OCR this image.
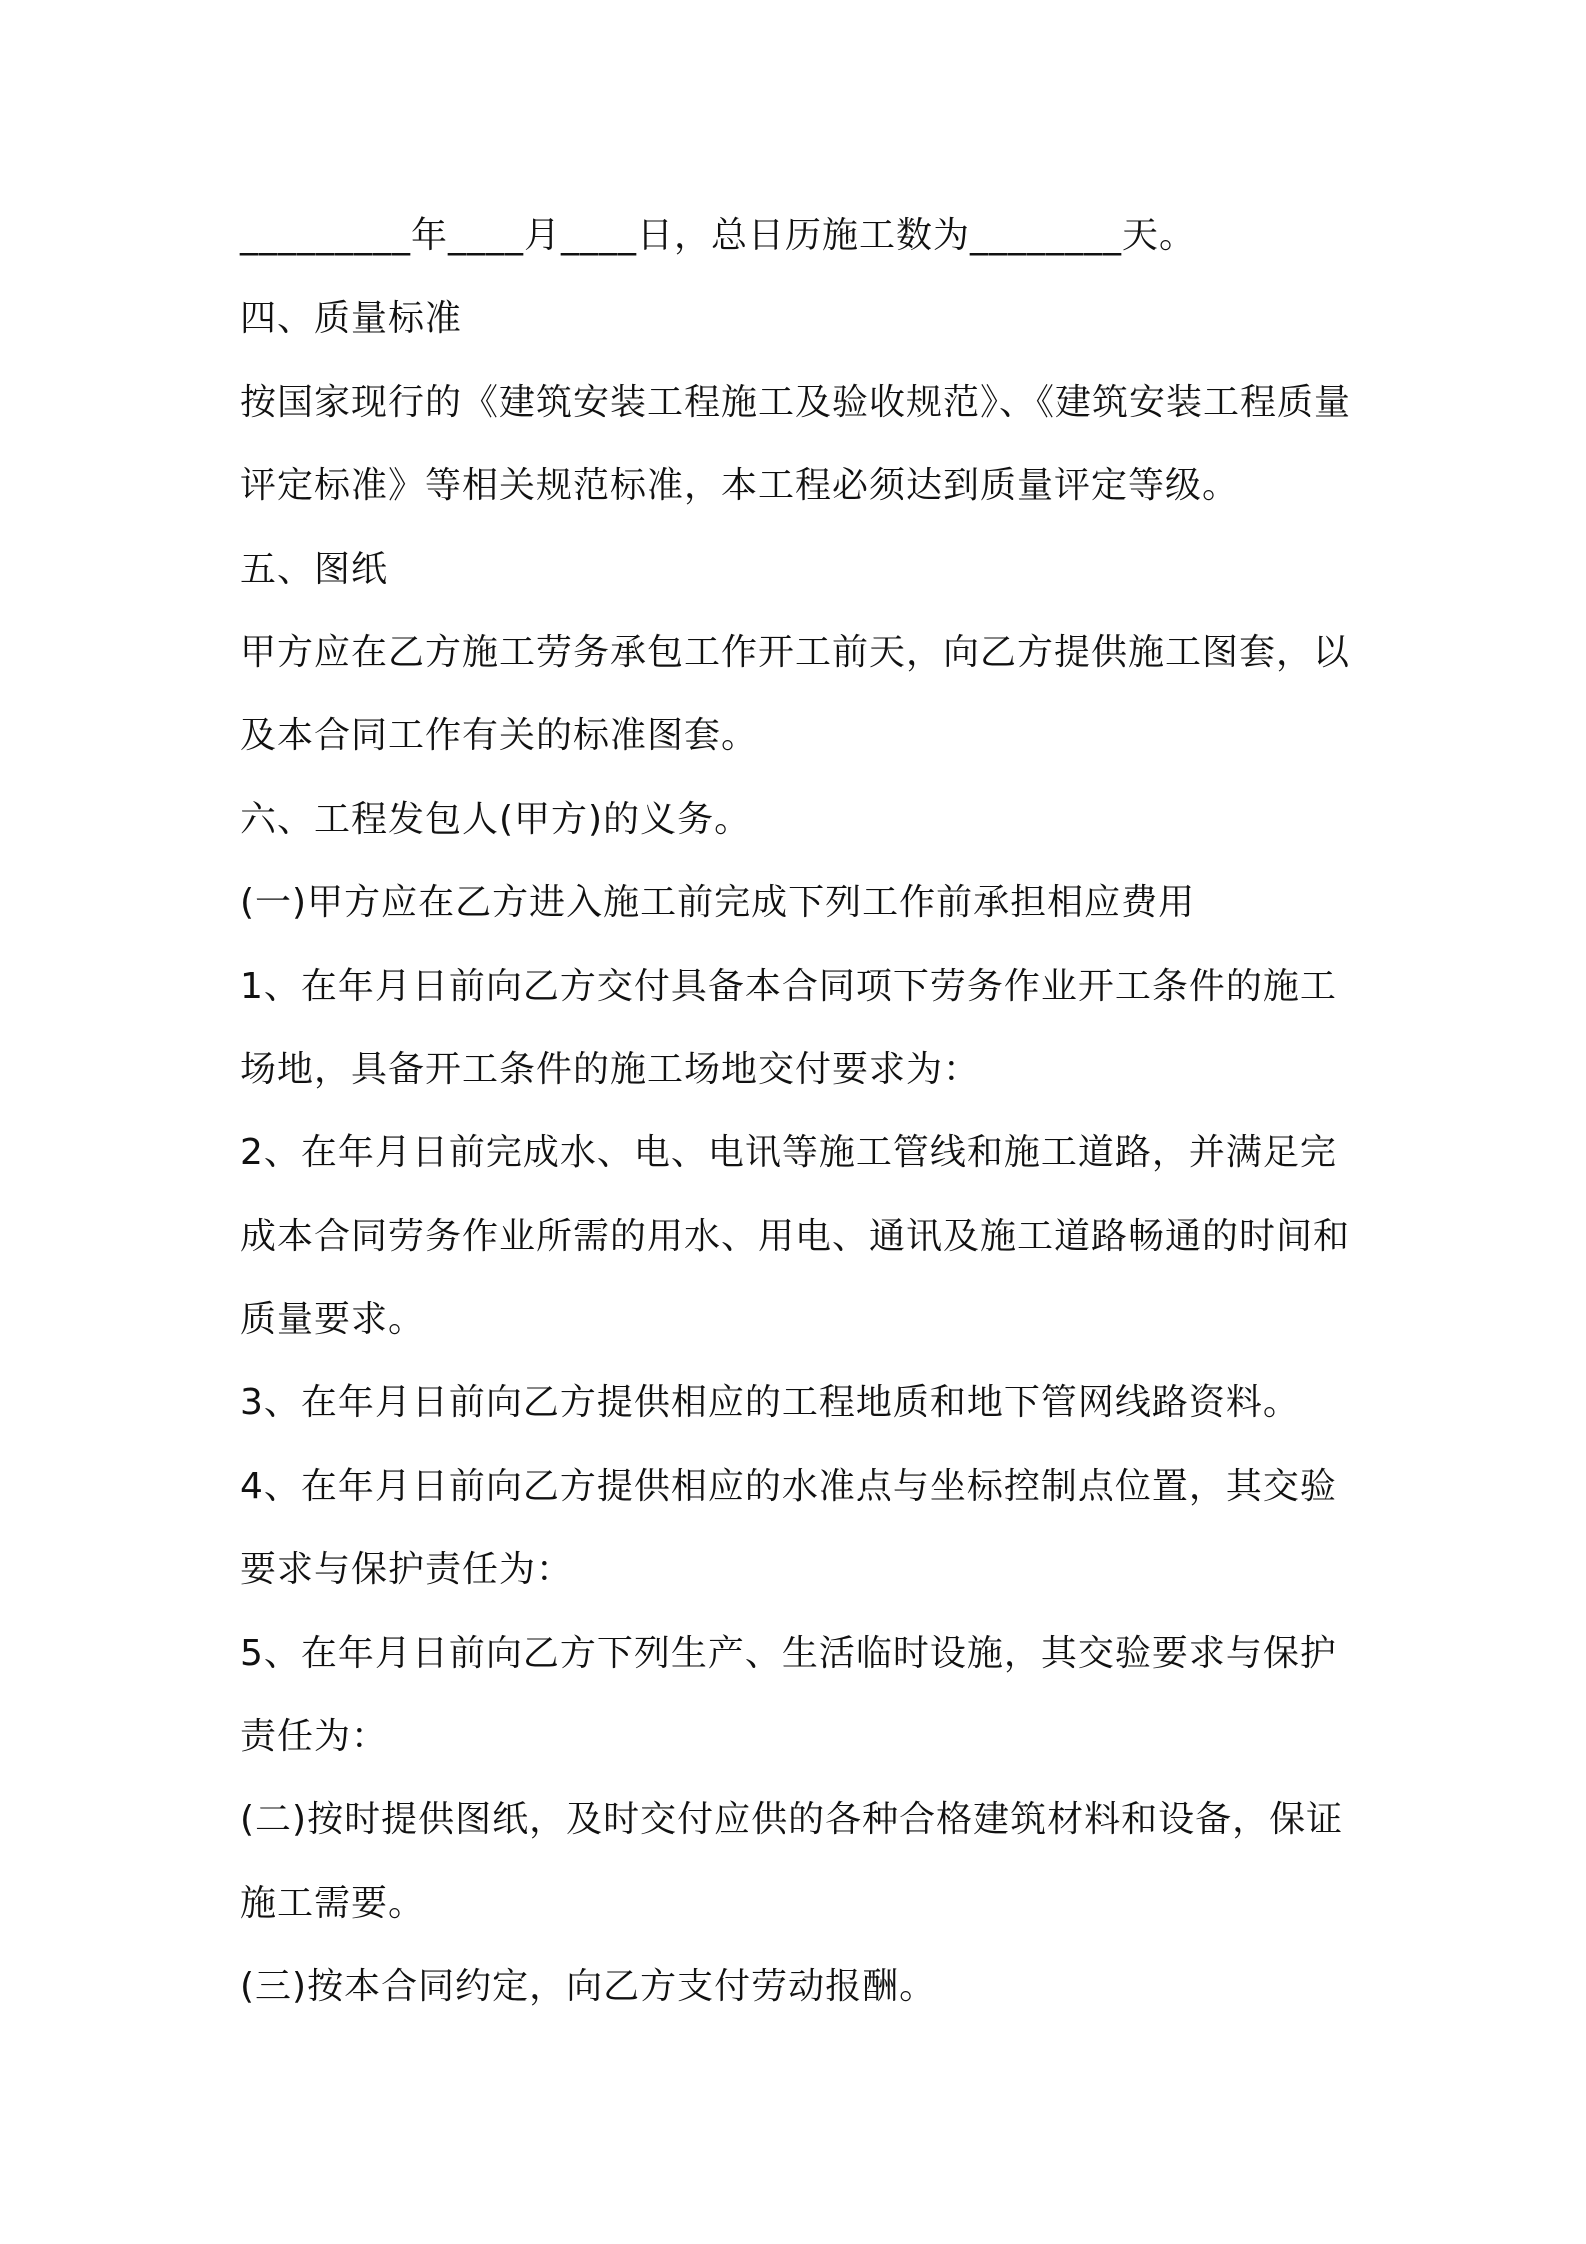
_________年____月____日，总日历施工数为________天。
四、质量标准
按国家现行的《建筑安装工程施工及验收规范》、《建筑安装工程质量
评定标准》等相关规范标准，本工程必须达到质量评定等级。
五、图纸
甲方应在乙方施工劳务承包工作开工前天，向乙方提供施工图套，以
及本合同工作有关的标准图套。
六、工程发包人(甲方)的义务。
(一)甲方应在乙方进入施工前完成下列工作前承担相应费用
1、在年月日前向乙方交付具备本合同项下劳务作业开工条件的施工
场地，具备开工条件的施工场地交付要求为：
2、在年月日前完成水、电、电讯等施工管线和施工道路，并满足完
成本合同劳务作业所需的用水、用电、通讯及施工道路畅通的时间和
质量要求。
3、在年月日前向乙方提供相应的工程地质和地下管网线路资料。
4、在年月日前向乙方提供相应的水准点与坐标控制点位置，其交验
要求与保护责任为：
5、在年月日前向乙方下列生产、生活临时设施，其交验要求与保护
责任为：
(二)按时提供图纸，及时交付应供的各种合格建筑材料和设备，保证
施工需要。
(三)按本合同约定，向乙方支付劳动报酬。
